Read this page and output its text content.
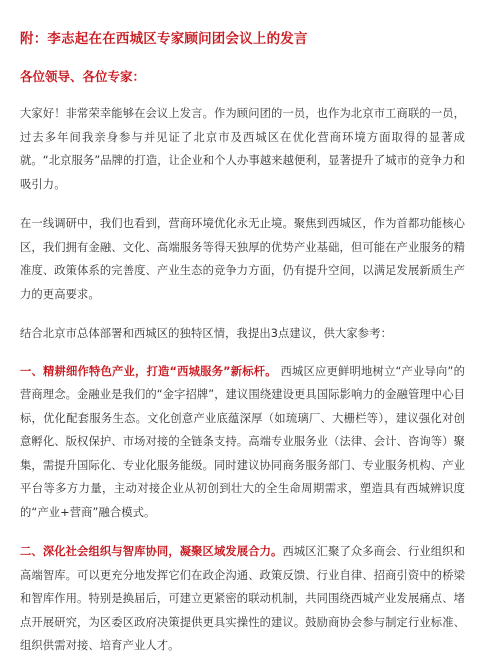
附：李志起在在西城区专家顾问团会议上的发言

各位领导、各位专家：

大家好！非常荣幸能够在会议上发言。作为顾问团的一员，也作为北京市工商联的一员，过去多年间我亲身参与并见证了北京市及西城区在优化营商环境方面取得的显著成就。“北京服务”品牌的打造，让企业和个人办事越来越便利，显著提升了城市的竞争力和吸引力。

在一线调研中，我们也看到，营商环境优化永无止境。聚焦到西城区，作为首都功能核心区，我们拥有金融、文化、高端服务等得天独厚的优势产业基础，但可能在产业服务的精准度、政策体系的完善度、产业生态的竞争力方面，仍有提升空间，以满足发展新质生产力的更高要求。

结合北京市总体部署和西城区的独特区情，我提出3点建议，供大家参考：

一、精耕细作特色产业，打造“西城服务”新标杆。 西城区应更鲜明地树立“产业导向”的营商理念。金融业是我们的“金字招牌”，建议围绕建设更具国际影响力的金融管理中心目标，优化配套服务生态。文化创意产业底蕴深厚（如琉璃厂、大栅栏等），建议强化对创意孵化、版权保护、市场对接的全链条支持。高端专业服务业（法律、会计、咨询等）聚集，需提升国际化、专业化服务能级。同时建议协同商务服务部门、专业服务机构、产业平台等多方力量，主动对接企业从初创到壮大的全生命周期需求，塑造具有西城辨识度的“产业+营商”融合模式。

二、深化社会组织与智库协同，凝聚区域发展合力。西城区汇聚了众多商会、行业组织和高端智库。可以更充分地发挥它们在政企沟通、政策反馈、行业自律、招商引资中的桥梁和智库作用。特别是换届后，可建立更紧密的联动机制，共同围绕西城产业发展痛点、堵点开展研究，为区委区政府决策提供更具实操性的建议。鼓励商协会参与制定行业标准、组织供需对接、培育产业人才。
